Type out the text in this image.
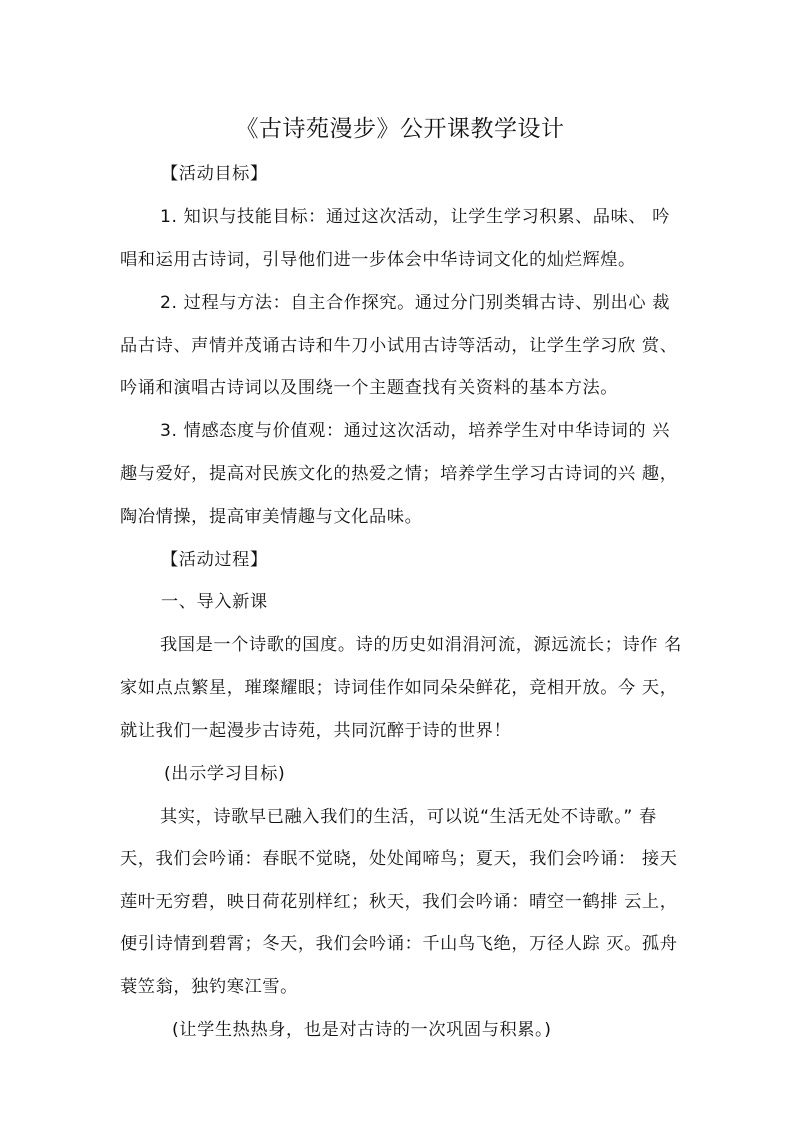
《古诗苑漫步》公开课教学设计
【活动目标】
1. 知识与技能目标：通过这次活动，让学生学习积累、品味、 吟
唱和运用古诗词，引导他们进一步体会中华诗词文化的灿烂辉煌。
2. 过程与方法：自主合作探究。通过分门别类辑古诗、别出心 裁
品古诗、声情并茂诵古诗和牛刀小试用古诗等活动，让学生学习欣 赏、
吟诵和演唱古诗词以及围绕一个主题查找有关资料的基本方法。
3. 情感态度与价值观：通过这次活动，培养学生对中华诗词的 兴
趣与爱好，提高对民族文化的热爱之情；培养学生学习古诗词的兴 趣，
陶冶情操，提高审美情趣与文化品味。
【活动过程】
一、导入新课
我国是一个诗歌的国度。诗的历史如涓涓河流，源远流长；诗作 名
家如点点繁星，璀璨耀眼；诗词佳作如同朵朵鲜花，竞相开放。今 天，
就让我们一起漫步古诗苑，共同沉醉于诗的世界！
(出示学习目标)
其实，诗歌早已融入我们的生活，可以说“生活无处不诗歌。” 春
天，我们会吟诵：春眠不觉晓，处处闻啼鸟；夏天，我们会吟诵： 接天
莲叶无穷碧，映日荷花别样红；秋天，我们会吟诵：晴空一鹤排 云上，
便引诗情到碧霄；冬天，我们会吟诵：千山鸟飞绝，万径人踪 灭。孤舟
蓑笠翁，独钓寒江雪。
(让学生热热身，也是对古诗的一次巩固与积累。)
